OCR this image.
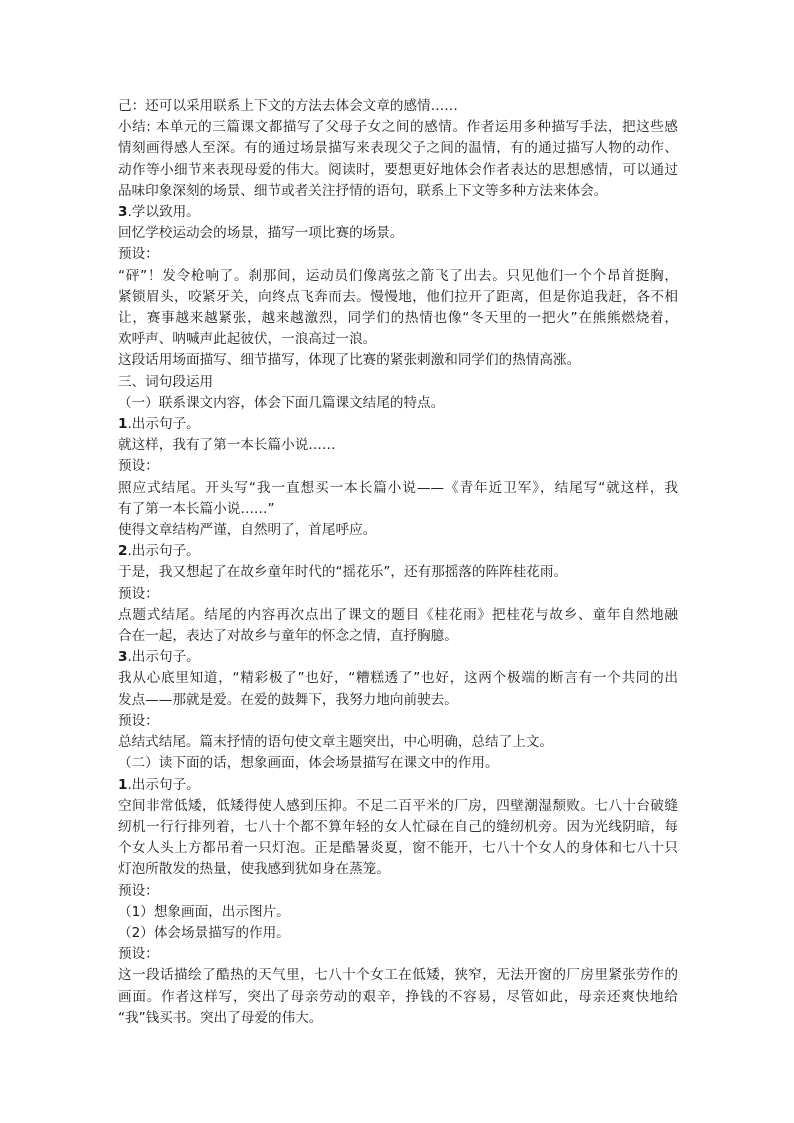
己：还可以采用联系上下文的方法去体会文章的感情……

小结: 本单元的三篇课文都描写了父母子女之间的感情。作者运用多种描写手法，把这些感

情刻画得感人至深。有的通过场景描写来表现父子之间的温情，有的通过描写人物的动作、

动作等小细节来表现母爱的伟大。阅读时，要想更好地体会作者表达的思想感情，可以通过

品味印象深刻的场景、细节或者关注抒情的语句，联系上下文等多种方法来体会。

3.学以致用。

回忆学校运动会的场景，描写一项比赛的场景。

预设：

“砰”！发令枪响了。刹那间，运动员们像离弦之箭飞了出去。只见他们一个个昂首挺胸，

紧锁眉头，咬紧牙关，向终点飞奔而去。慢慢地，他们拉开了距离，但是你追我赶，各不相

让，赛事越来越紧张，越来越激烈，同学们的热情也像“冬天里的一把火”在熊熊燃烧着，

欢呼声、呐喊声此起彼伏，一浪高过一浪。

这段话用场面描写、细节描写，体现了比赛的紧张刺激和同学们的热情高涨。

三、词句段运用

（一）联系课文内容，体会下面几篇课文结尾的特点。

1.出示句子。

就这样，我有了第一本长篇小说……

预设：

照应式结尾。开头写“我一直想买一本长篇小说——《青年近卫军》，结尾写“就这样，我

有了第一本长篇小说……”

使得文章结构严谨，自然明了，首尾呼应。

2.出示句子。

于是，我又想起了在故乡童年时代的“摇花乐”，还有那摇落的阵阵桂花雨。

预设：

点题式结尾。结尾的内容再次点出了课文的题目《桂花雨》把桂花与故乡、童年自然地融

合在一起，表达了对故乡与童年的怀念之情，直抒胸臆。

3.出示句子。

我从心底里知道，“精彩极了”也好，“糟糕透了”也好，这两个极端的断言有一个共同的出

发点——那就是爱。在爱的鼓舞下，我努力地向前驶去。

预设：

总结式结尾。篇末抒情的语句使文章主题突出，中心明确，总结了上文。

（二）读下面的话，想象画面，体会场景描写在课文中的作用。

1.出示句子。

空间非常低矮，低矮得使人感到压抑。不足二百平米的厂房，四壁潮湿颓败。七八十台破缝

纫机一行行排列着，七八十个都不算年轻的女人忙碌在自己的缝纫机旁。因为光线阴暗，每

个女人头上方都吊着一只灯泡。正是酷暑炎夏，窗不能开，七八十个女人的身体和七八十只

灯泡所散发的热量，使我感到犹如身在蒸笼。

预设：

（1）想象画面，出示图片。

（2）体会场景描写的作用。

预设：

这一段话描绘了酷热的天气里，七八十个女工在低矮，狭窄，无法开窗的厂房里紧张劳作的

画面。作者这样写，突出了母亲劳动的艰辛，挣钱的不容易，尽管如此，母亲还爽快地给

“我”钱买书。突出了母爱的伟大。
